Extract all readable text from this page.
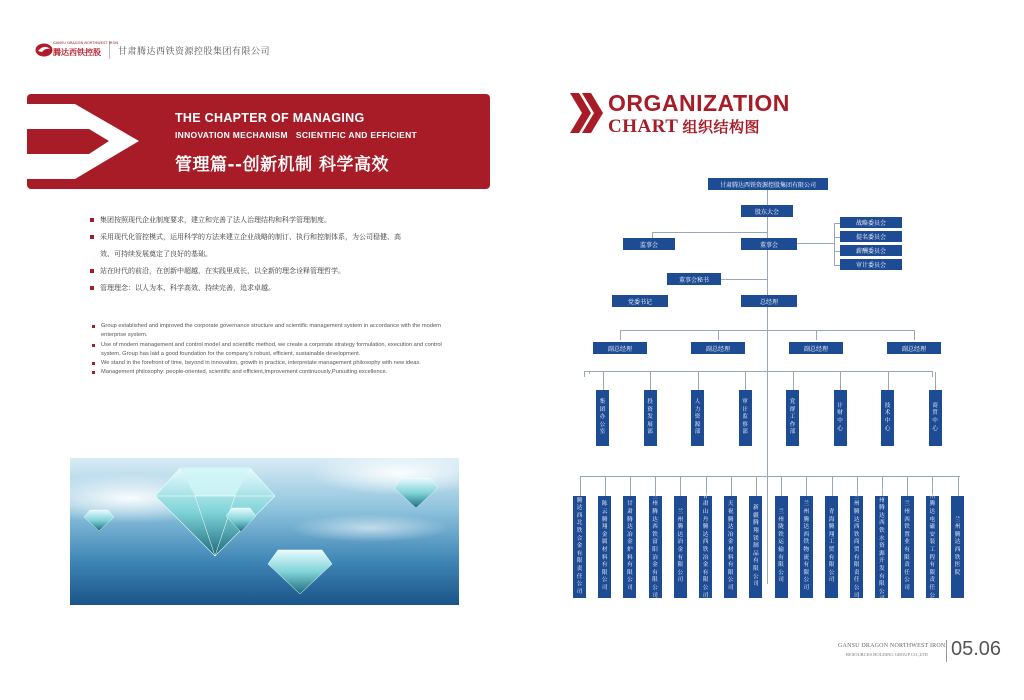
GANSU DRAGON NORTHWEST IRON
腾达西铁控股 甘肃腾达西铁资源控股集团有限公司
THE CHAPTER OF MANAGING
INNOVATION MECHANISM   SCIENTIFIC AND EFFICIENT
管理篇--创新机制 科学高效
集团按照现代企业制度要求，建立和完善了法人治理结构和科学管理制度。
采用现代化管控模式，运用科学的方法来建立企业战略的制订、执行和控制体系，为公司稳健、高
效、可持续发展奠定了良好的基础。
站在时代的前沿，在创新中超越，在实践里成长，以全新的理念诠释管理哲学。
管理理念：以人为本、科学高效、持续完善，追求卓越。
Group established and improved the corporate governance structure and scientific management system in accordance with the modern enterprise system.
Use of modern management and control model and scientific method, we create a corporate strategy formulation, execution and control system. Group has laid a good foundation for the company's robust, efficient, sustainable development.
We stand in the forefront of time, beyond in innovation, growth in practice, interpretate management philosophy with new ideas.
Management philosophy: people-oriented, scientific and efficient,Improvement continuously,Pursuiting excellence.
ORGANIZATION
CHART 组织结构图
甘肃腾达西铁资源控股集团有限公司
股东大会
监事会	董事会
战略委员会
提名委员会
薪酬委员会
审计委员会
董事会秘书
党委书记	总经理
副总经理	副总经理	副总经理	副总经理
集团办公室
投资发展部
人力资源部
审计监察部
党群工作部
计财中心
技术中心
商贸中心
腾达西北铁合金有限责任公司
陈云腾翔金属材料有限公司
甘肃腾达冶金炉料有限公司
兰州腾达西铁富阳冶金有限公司
兰州腾达冶金有限公司
甘肃山丹腾达西铁冶金有限公司
天祝腾达冶金材料有限公司
新疆腾翔镁制品有限公司
兰州陇铁运输有限公司
兰州腾达西铁物流有限公司
青海腾翔工贸有限公司
兰州腾达西铁商贸有限责任公司
兰州腾达西铁水资源开发有限公司
兰州西铁置业有限责任公司
兰州腾达电磁安装工程有限责任公司
兰州腾达西铁医院
GANSU DRAGON NORTHWEST IRON
RESOURCES HOLDING GROUP CO.,LTD 05.06
